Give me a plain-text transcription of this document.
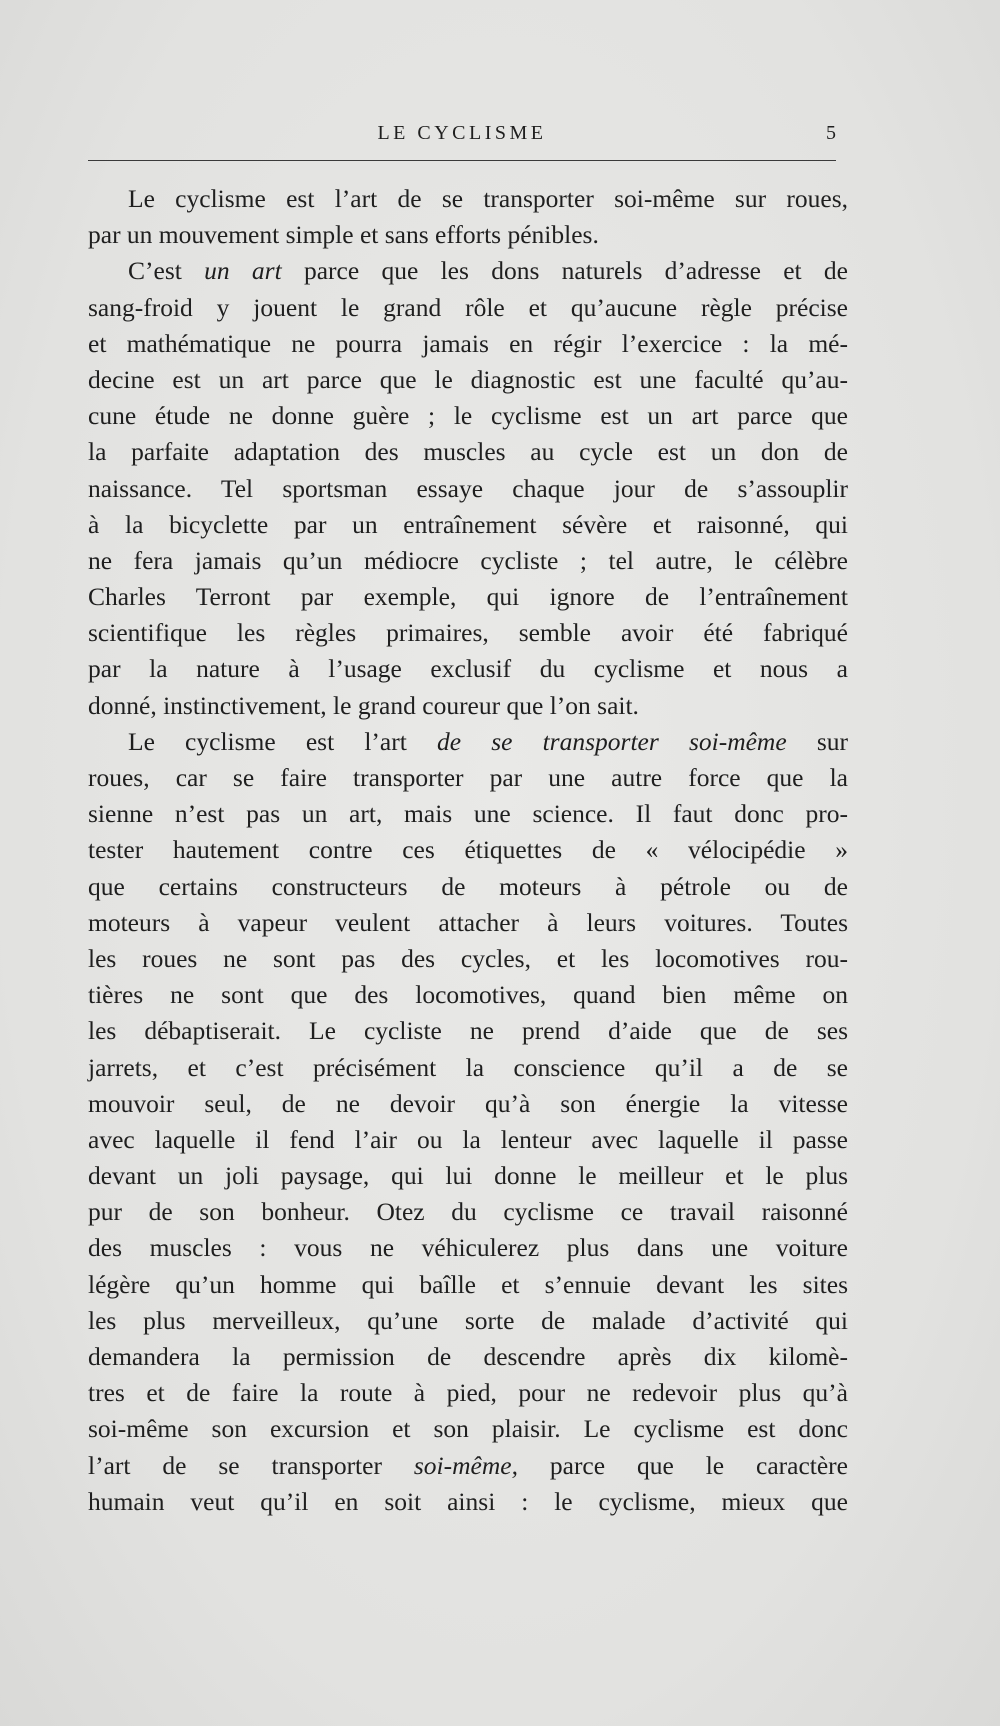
LE CYCLISME	5
Le cyclisme est l’art de se transporter soi-même sur roues,
par un mouvement simple et sans efforts pénibles.
C’est un art parce que les dons naturels d’adresse et de
sang-froid y jouent le grand rôle et qu’aucune règle précise
et mathématique ne pourra jamais en régir l’exercice : la mé-
decine est un art parce que le diagnostic est une faculté qu’au-
cune étude ne donne guère ; le cyclisme est un art parce que
la parfaite adaptation des muscles au cycle est un don de
naissance. Tel sportsman essaye chaque jour de s’assouplir
à la bicyclette par un entraînement sévère et raisonné, qui
ne fera jamais qu’un médiocre cycliste ; tel autre, le célèbre
Charles Terront par exemple, qui ignore de l’entraînement
scientifique les règles primaires, semble avoir été fabriqué
par la nature à l’usage exclusif du cyclisme et nous a
donné, instinctivement, le grand coureur que l’on sait.
Le cyclisme est l’art de se transporter soi-même sur
roues, car se faire transporter par une autre force que la
sienne n’est pas un art, mais une science. Il faut donc pro-
tester hautement contre ces étiquettes de « vélocipédie »
que certains constructeurs de moteurs à pétrole ou de
moteurs à vapeur veulent attacher à leurs voitures. Toutes
les roues ne sont pas des cycles, et les locomotives rou-
tières ne sont que des locomotives, quand bien même on
les débaptiserait. Le cycliste ne prend d’aide que de ses
jarrets, et c’est précisément la conscience qu’il a de se
mouvoir seul, de ne devoir qu’à son énergie la vitesse
avec laquelle il fend l’air ou la lenteur avec laquelle il passe
devant un joli paysage, qui lui donne le meilleur et le plus
pur de son bonheur. Otez du cyclisme ce travail raisonné
des muscles : vous ne véhiculerez plus dans une voiture
légère qu’un homme qui baîlle et s’ennuie devant les sites
les plus merveilleux, qu’une sorte de malade d’activité qui
demandera la permission de descendre après dix kilomè-
tres et de faire la route à pied, pour ne redevoir plus qu’à
soi-même son excursion et son plaisir. Le cyclisme est donc
l’art de se transporter soi-même, parce que le caractère
humain veut qu’il en soit ainsi : le cyclisme, mieux que
